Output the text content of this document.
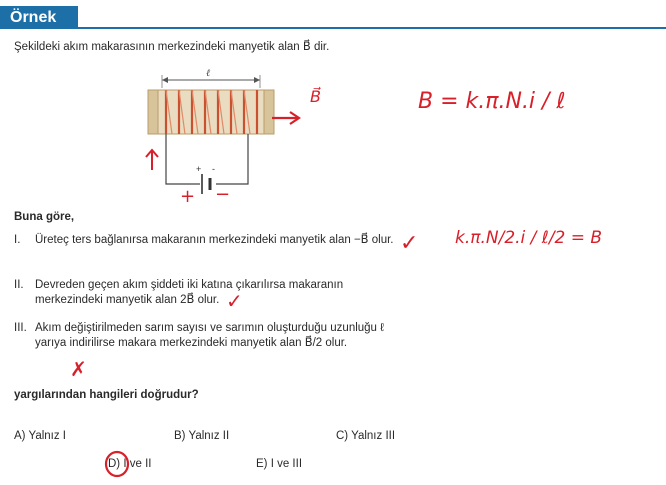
Örnek
Şekildeki akım makarasının merkezindeki manyetik alan B⃗ dir.
ℓ
+ -
Buna göre,
I. Üreteç ters bağlanırsa makaranın merkezindeki manyetik alan −B⃗ olur.
II. Devreden geçen akım şiddeti iki katına çıkarılırsa makaranın merkezindeki manyetik alan 2B⃗ olur.
III. Akım değiştirilmeden sarım sayısı ve sarımın oluşturduğu uzunluğu ℓ yarıya indirilirse makara merkezindeki manyetik alan B⃗/2 olur.
yargılarından hangileri doğrudur?
A) Yalnız I	B) Yalnız II	C) Yalnız III
D) I ve II	E) I ve III
B⃗
+ −
B = k.π.N.i / ℓ
k.π.N/2.i / ℓ/2 = B
✓
✓
✗
